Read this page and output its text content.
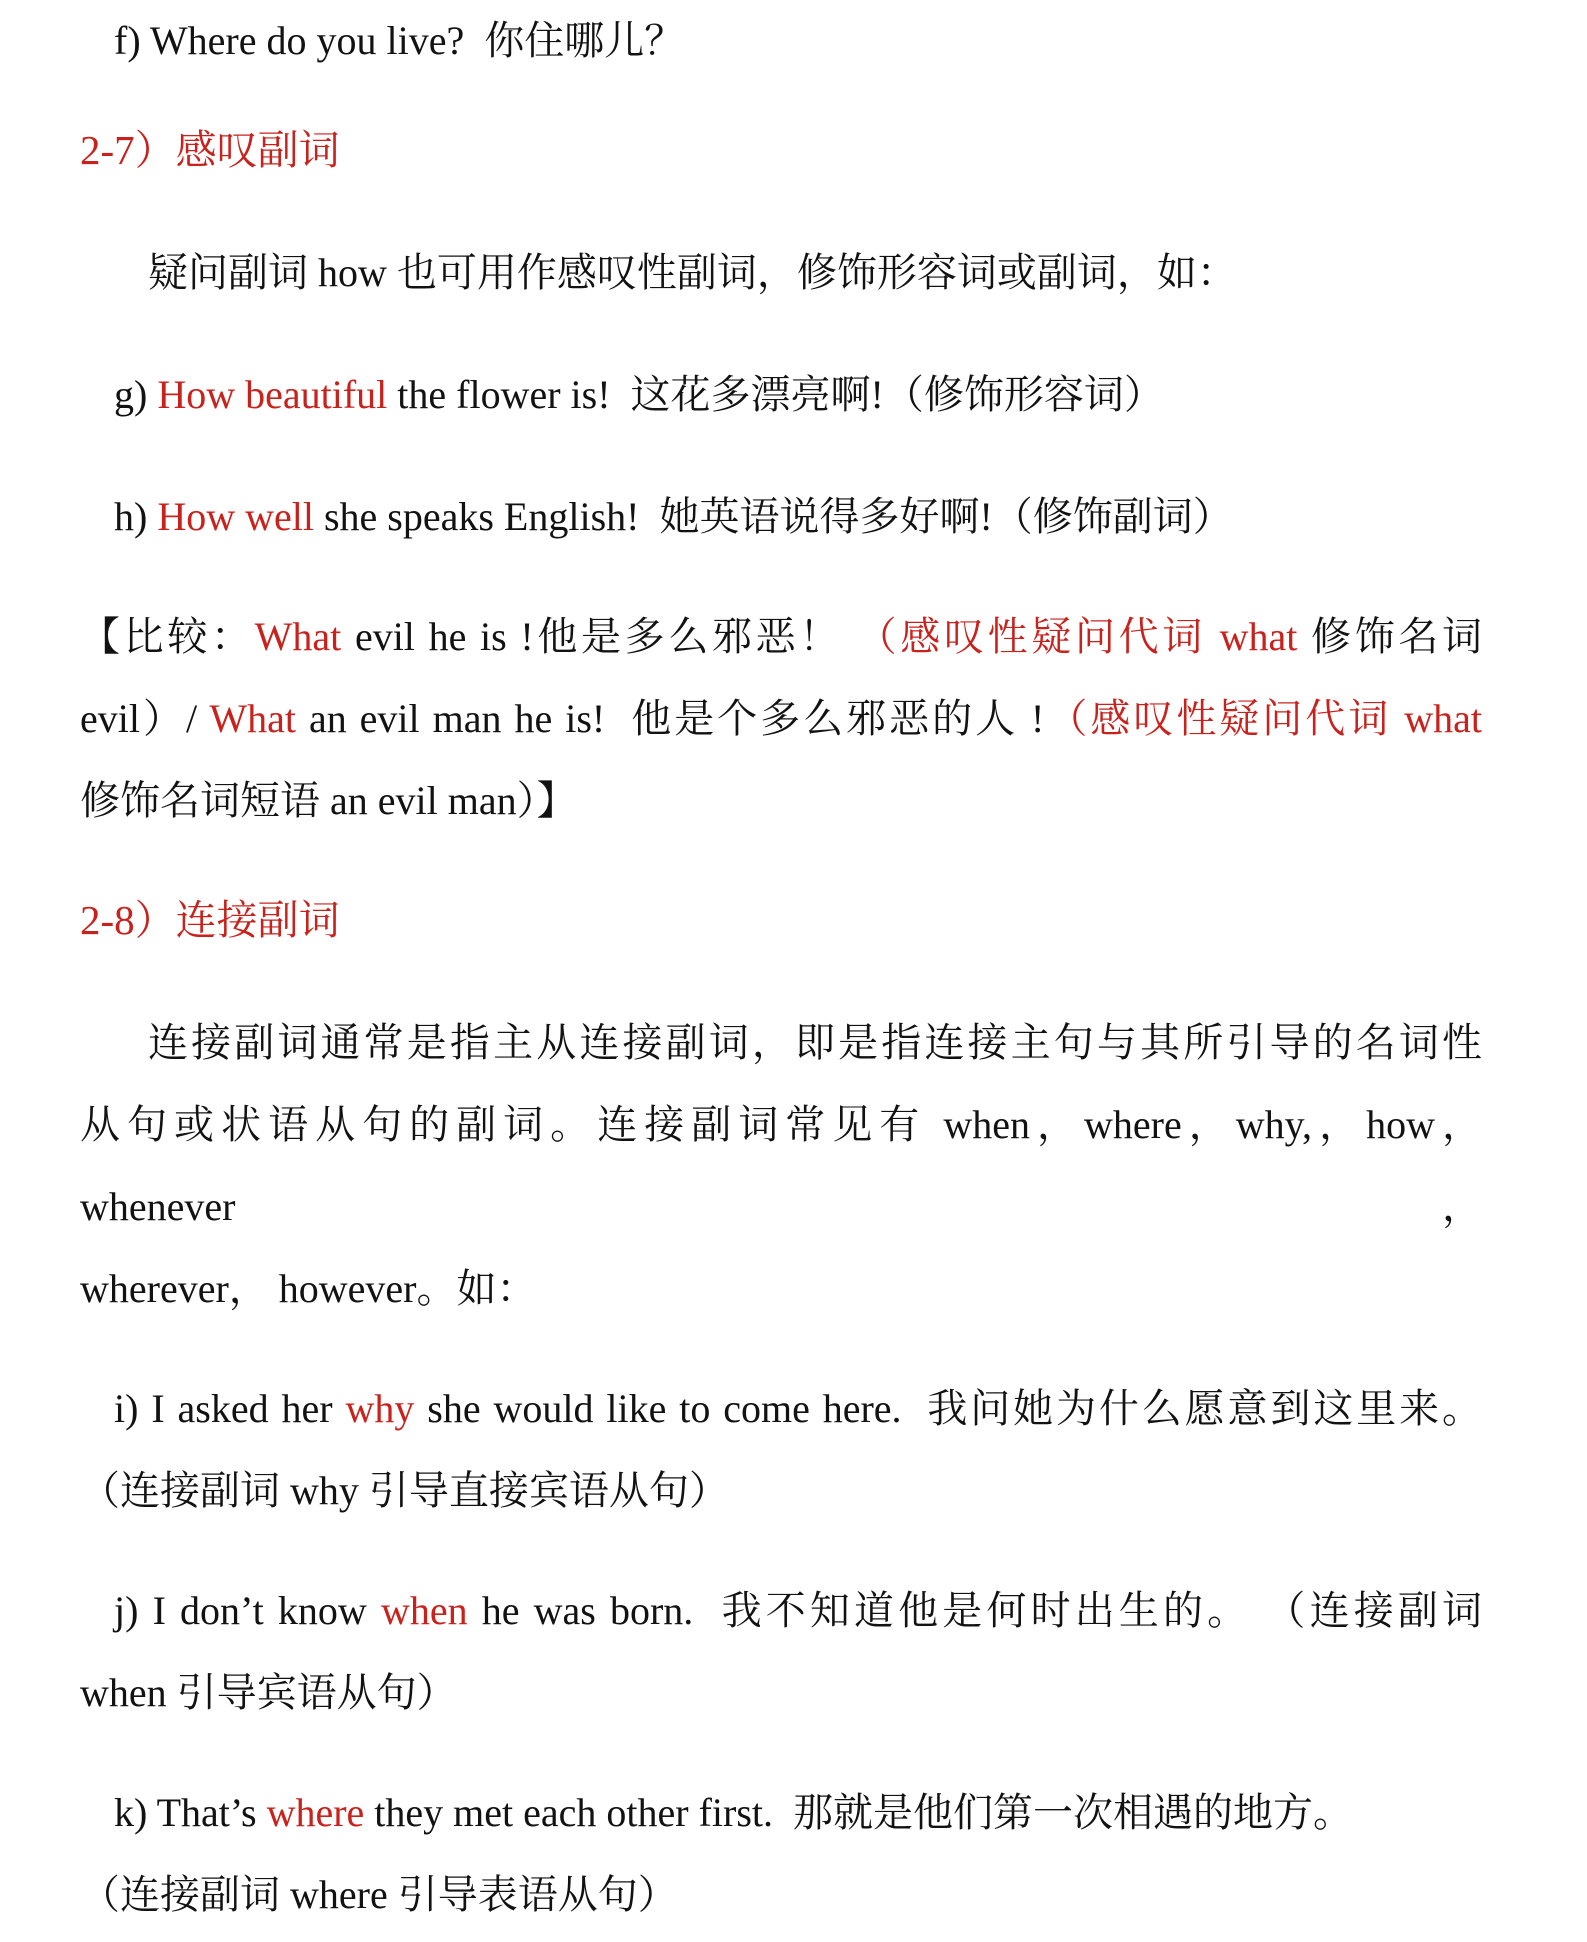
f) Where do you live?  你住哪儿？
2-7）感叹副词
疑问副词 how 也可用作感叹性副词，修饰形容词或副词，如：
g) How beautiful the flower is!  这花多漂亮啊!（修饰形容词）
h) How well she speaks English!  她英语说得多好啊!（修饰副词）
【比较：What evil he is !他是多么邪恶！ （感叹性疑问代词 what 修饰名词
evil）/ What an evil man he is!  他是个多么邪恶的人 !（感叹性疑问代词 what
修饰名词短语 an evil man）】
2-8）连接副词
连接副词通常是指主从连接副词，即是指连接主句与其所引导的名词性
从句或状语从句的副词。连接副词常见有 when，where，why,，how，whenever，
wherever， however。如：
i) I asked her why she would like to come here.  我问她为什么愿意到这里来。
（连接副词 why 引导直接宾语从句）
j) I don’t know when he was born.  我不知道他是何时出生的。 （连接副词
when 引导宾语从句）
k) That’s where they met each other first.  那就是他们第一次相遇的地方。
（连接副词 where 引导表语从句）
